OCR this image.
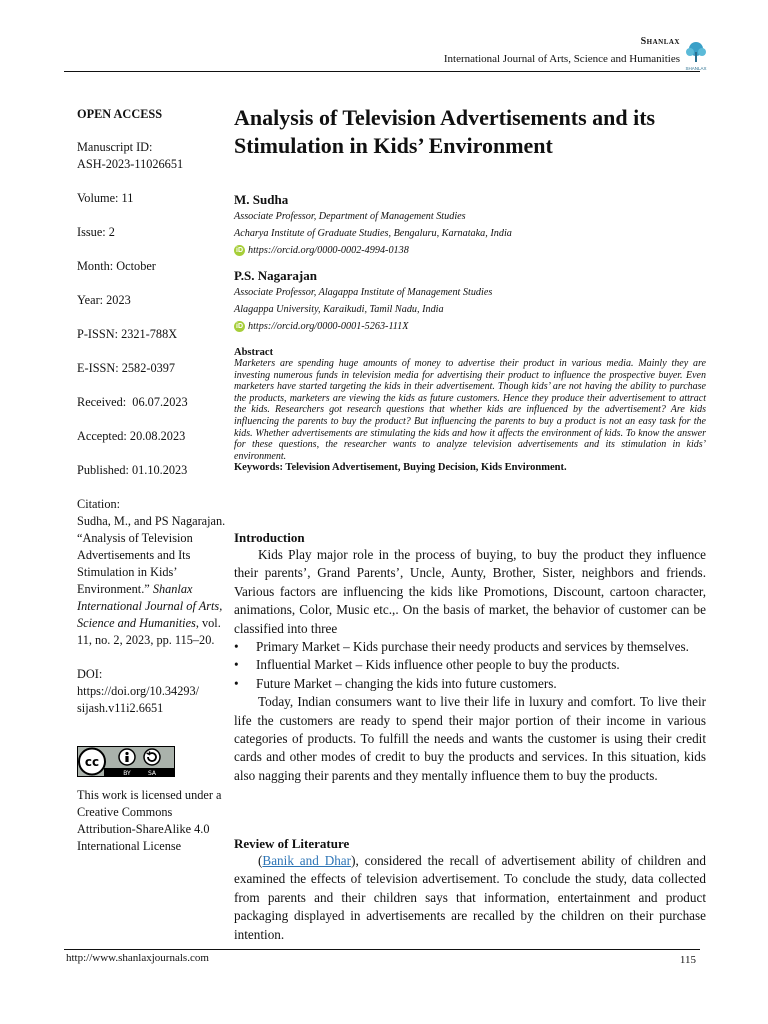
Shanlax
International Journal of Arts, Science and Humanities
SHANLAX

OPEN ACCESS

Manuscript ID:

ASH-2023-11026651

Volume: 11

Issue: 2

Month: October

Year: 2023

P-ISSN: 2321-788X

E-ISSN: 2582-0397

Received:  06.07.2023

Accepted: 20.08.2023

Published: 01.10.2023

Citation:

Sudha, M., and PS Nagarajan. “Analysis of Television Advertisements and Its Stimulation in Kids’ Environment.” Shanlax International Journal of Arts, Science and Humanities, vol. 11, no. 2, 2023, pp. 115–20.

DOI:

https://doi.org/10.34293/ sijash.v11i2.6651

cc
BY	SA
This work is licensed under a Creative Commons Attribution-ShareAlike 4.0 International License
Analysis of Television Advertisements and its Stimulation in Kids’ Environment
M. Sudha
Associate Professor, Department of Management Studies
Acharya Institute of Graduate Studies, Bengaluru, Karnataka, India
iD https://orcid.org/0000-0002-4994-0138
P.S. Nagarajan
Associate Professor, Alagappa Institute of Management Studies
Alagappa University, Karaikudi, Tamil Nadu, India
iD https://orcid.org/0000-0001-5263-111X
Abstract

Marketers are spending huge amounts of money to advertise their product in various media. Mainly they are investing numerous funds in television media for advertising their product to influence the prospective buyer. Even marketers have started targeting the kids in their advertisement. Though kids’ are not having the ability to purchase the products, marketers are viewing the kids as future customers. Hence they produce their advertisement to attract the kids. Researchers got research questions that whether kids are influenced by the advertisement? Are kids influencing the parents to buy the product? But influencing the parents to buy a product is not an easy task for the kids. Whether advertisements are stimulating the kids and how it affects the environment of kids. To know the answer for these questions, the researcher wants to analyze television advertisements and its stimulation in kids’ environment.

Keywords: Television Advertisement, Buying Decision, Kids Environment.
Introduction

Kids Play major role in the process of buying, to buy the product they influence their parents’, Grand Parents’, Uncle, Aunty, Brother, Sister, neighbors and friends. Various factors are influencing the kids like Promotions, Discount, cartoon character, animations, Color, Music etc.,. On the basis of market, the behavior of customer can be classified into three

• Primary Market – Kids purchase their needy products and services by themselves.
• Influential Market – Kids influence other people to buy the products.
• Future Market – changing the kids into future customers.

Today, Indian consumers want to live their life in luxury and comfort. To live their life the customers are ready to spend their major portion of their income in various categories of products. To fulfill the needs and wants the customer is using their credit cards and other modes of credit to buy the products and services. In this situation, kids also nagging their parents and they mentally influence them to buy the products.

Review of Literature

(Banik and Dhar), considered the recall of advertisement ability of children and examined the effects of television advertisement. To conclude the study, data collected from parents and their children says that information, entertainment and product packaging displayed in advertisements are recalled by the children on their purchase intention.

http://www.shanlaxjournals.com	115
